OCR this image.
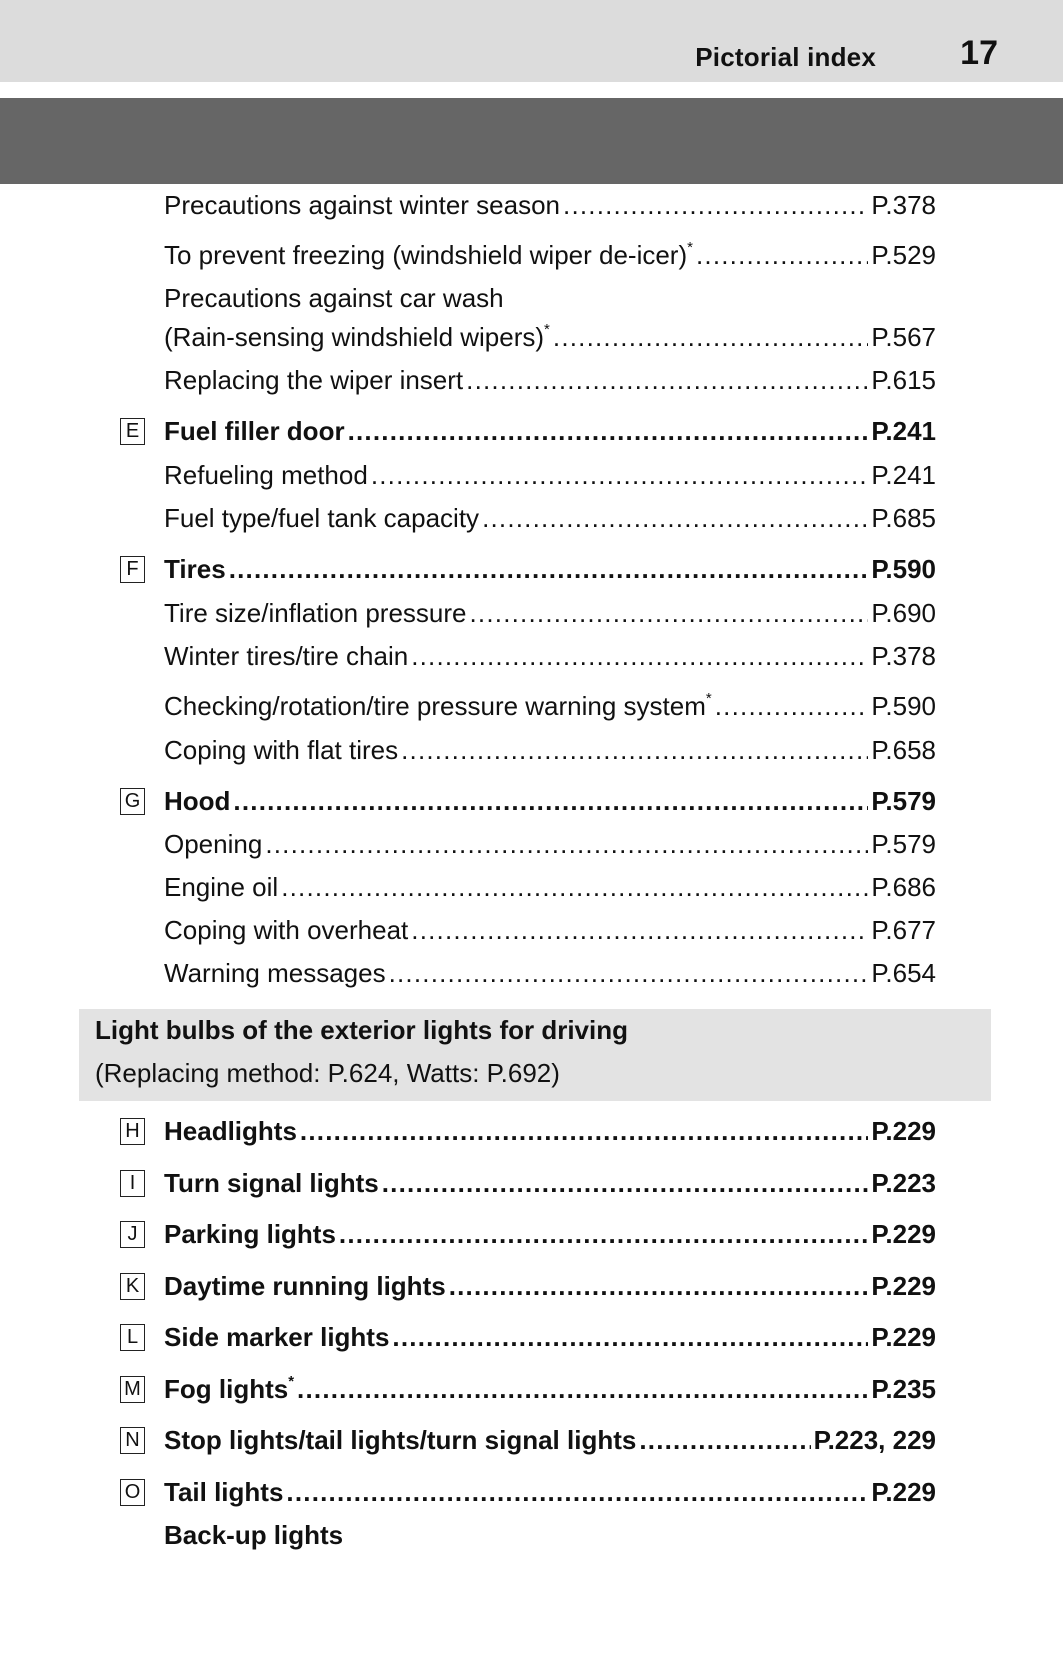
Pictorial index 17
Precautions against winter season .....	P.378
To prevent freezing (windshield wiper de-icer)* .....	P.529
Precautions against car wash
(Rain-sensing windshield wipers)* .....	P.567
Replacing the wiper insert .....	P.615
E Fuel filler door .....	P.241
Refueling method .....	P.241
Fuel type/fuel tank capacity .....	P.685
F Tires .....	P.590
Tire size/inflation pressure .....	P.690
Winter tires/tire chain .....	P.378
Checking/rotation/tire pressure warning system* .....	P.590
Coping with flat tires .....	P.658
G Hood .....	P.579
Opening .....	P.579
Engine oil .....	P.686
Coping with overheat .....	P.677
Warning messages .....	P.654
Light bulbs of the exterior lights for driving
(Replacing method: P.624, Watts: P.692)
H Headlights .....	P.229
I	Turn signal lights .....	P.223
J Parking lights .....	P.229
K Daytime running lights .....	P.229
L Side marker lights .....	P.229
M Fog lights* .....	P.235
N Stop lights/tail lights/turn signal lights .....	P.223, 229
O Tail lights .....	P.229
Back-up lights
